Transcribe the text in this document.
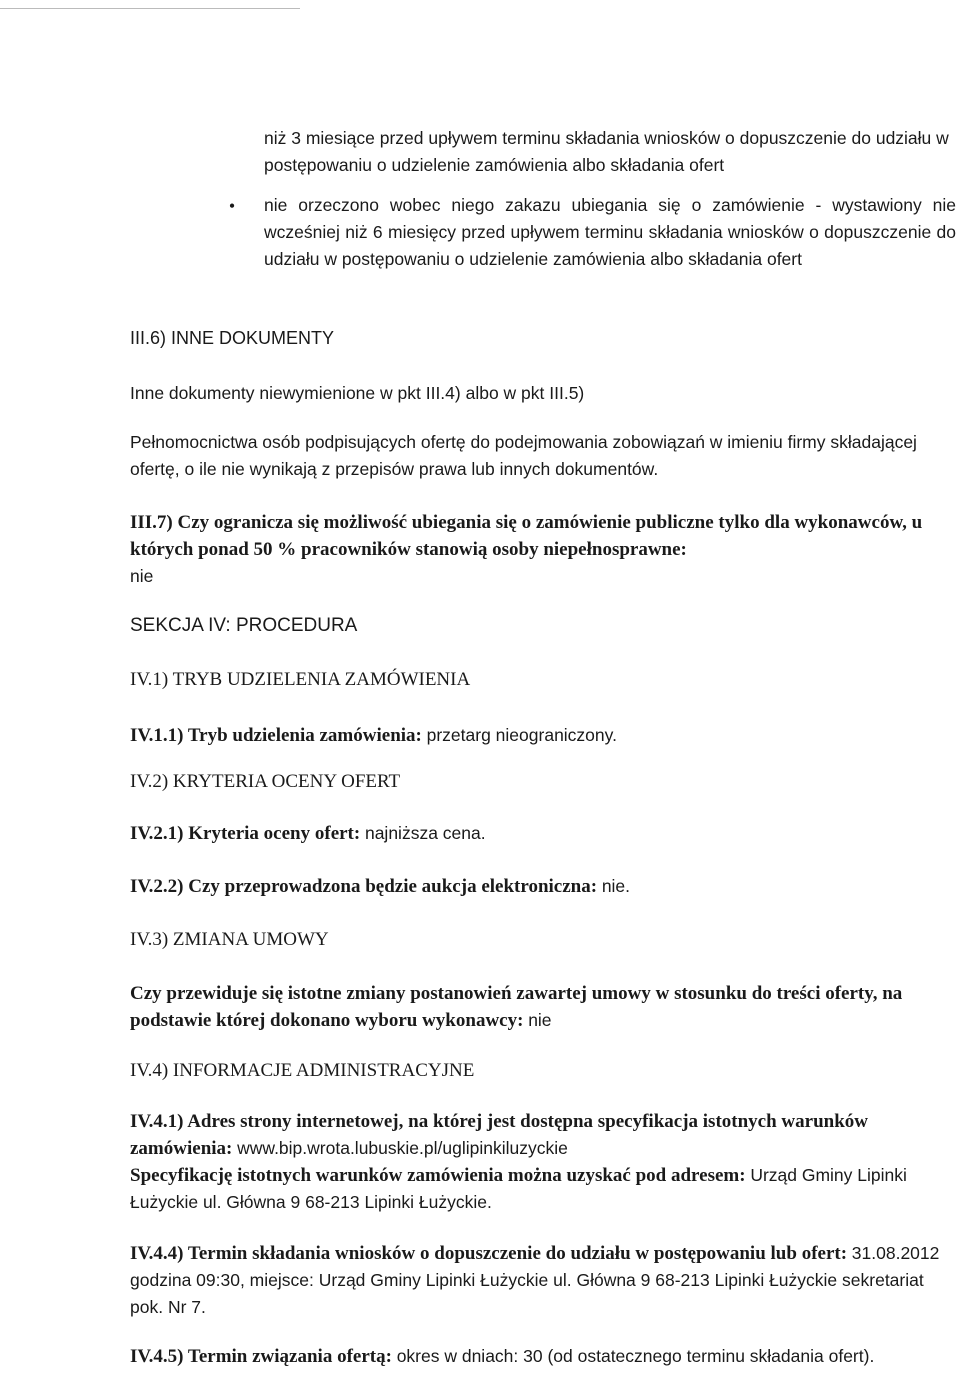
niż 3 miesiące przed upływem terminu składania wniosków o dopuszczenie do udziału w postępowaniu o udzielenie zamówienia albo składania ofert

• nie orzeczono wobec niego zakazu ubiegania się o zamówienie - wystawiony nie wcześniej niż 6 miesięcy przed upływem terminu składania wniosków o dopuszczenie do udziału w postępowaniu o udzielenie zamówienia albo składania ofert

III.6) INNE DOKUMENTY
Inne dokumenty niewymienione w pkt III.4) albo w pkt III.5)
Pełnomocnictwa osób podpisujących ofertę do podejmowania zobowiązań w imieniu firmy składającej ofertę, o ile nie wynikają z przepisów prawa lub innych dokumentów.
III.7) Czy ogranicza się możliwość ubiegania się o zamówienie publiczne tylko dla wykonawców, u których ponad 50 % pracowników stanowią osoby niepełnosprawne:
nie
SEKCJA IV: PROCEDURA
IV.1) TRYB UDZIELENIA ZAMÓWIENIA
IV.1.1) Tryb udzielenia zamówienia: przetarg nieograniczony.
IV.2) KRYTERIA OCENY OFERT
IV.2.1) Kryteria oceny ofert: najniższa cena.
IV.2.2) Czy przeprowadzona będzie aukcja elektroniczna: nie.
IV.3) ZMIANA UMOWY
Czy przewiduje się istotne zmiany postanowień zawartej umowy w stosunku do treści oferty, na podstawie której dokonano wyboru wykonawcy: nie
IV.4) INFORMACJE ADMINISTRACYJNE
IV.4.1) Adres strony internetowej, na której jest dostępna specyfikacja istotnych warunków zamówienia: www.bip.wrota.lubuskie.pl/uglipinkiluzyckie
Specyfikację istotnych warunków zamówienia można uzyskać pod adresem: Urząd Gminy Lipinki Łużyckie ul. Główna 9 68-213 Lipinki Łużyckie.
IV.4.4) Termin składania wniosków o dopuszczenie do udziału w postępowaniu lub ofert: 31.08.2012 godzina 09:30, miejsce: Urząd Gminy Lipinki Łużyckie ul. Główna 9 68-213 Lipinki Łużyckie sekretariat pok. Nr 7.
IV.4.5) Termin związania ofertą: okres w dniach: 30 (od ostatecznego terminu składania ofert).
